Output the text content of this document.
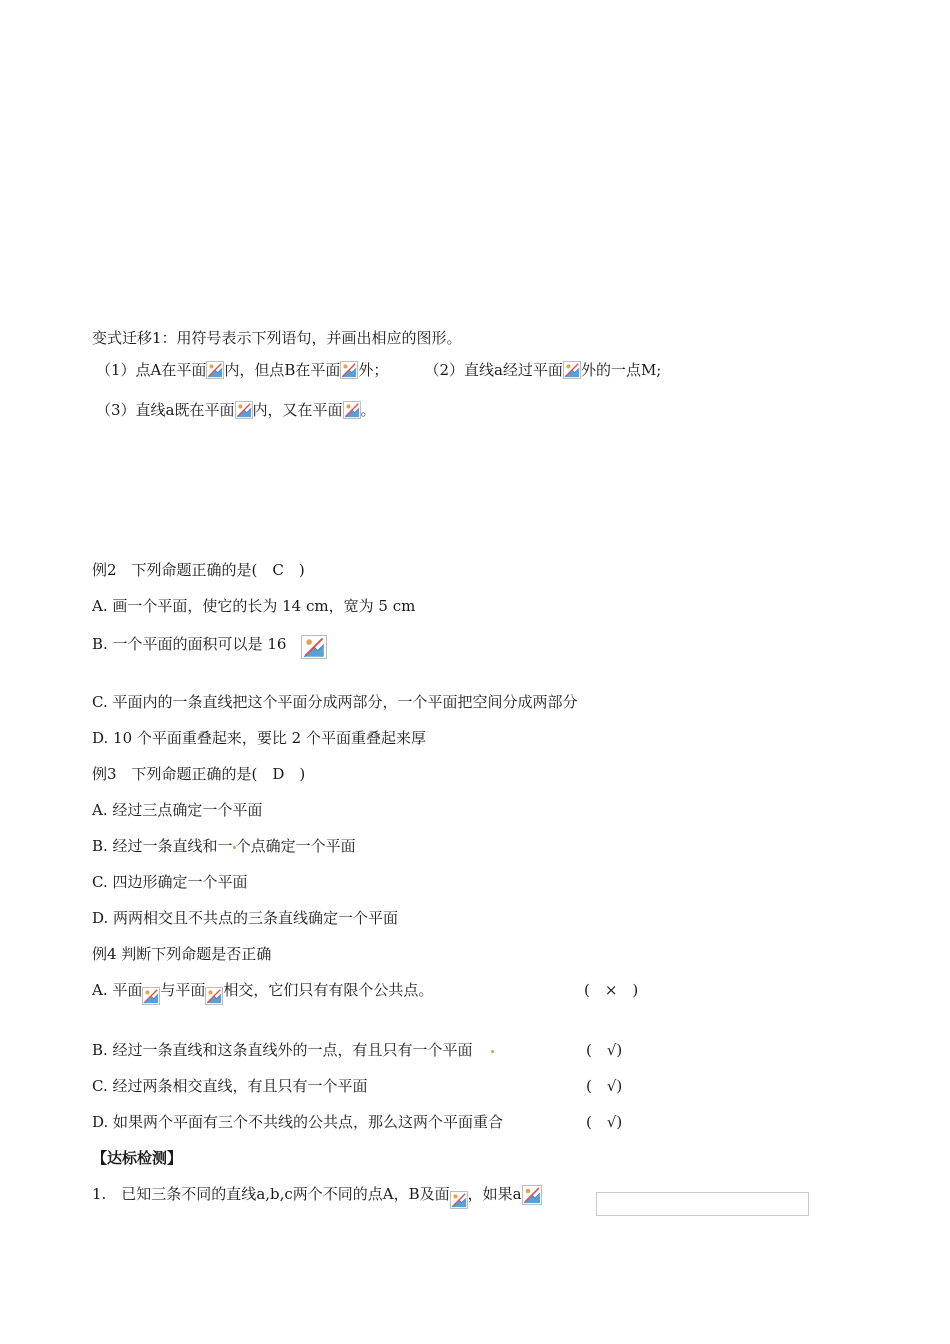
变式迁移1：用符号表示下列语句，并画出相应的图形。
（1）点A在平面 内，但点B在平面 外； （2）直线a经过平面 外的一点M;
（3）直线a既在平面 内，又在平面 。
例2　下列命题正确的是(　C　)
A. 画一个平面，使它的长为 14 cm，宽为 5 cm
B. 一个平面的面积可以是 16
C. 平面内的一条直线把这个平面分成两部分，一个平面把空间分成两部分
D. 10 个平面重叠起来，要比 2 个平面重叠起来厚
例3　下列命题正确的是(　D　)
A. 经过三点确定一个平面
B. 经过一条直线和一 个点确定一个平面
C. 四边形确定一个平面
D. 两两相交且不共点的三条直线确定一个平面
例4 判断下列命题是否正确
A. 平面 与平面 相交，它们只有有限个公共点。	(　×　)
B. 经过一条直线和这条直线外的一点，有且只有一个平面	(　√)
C. 经过两条相交直线，有且只有一个平面	(　√)
D. 如果两个平面有三个不共线的公共点，那么这两个平面重合	(　√)
【达标检测】
1.　已知三条不同的直线a,b,c两个不同的点A，B及面 ，如果a
